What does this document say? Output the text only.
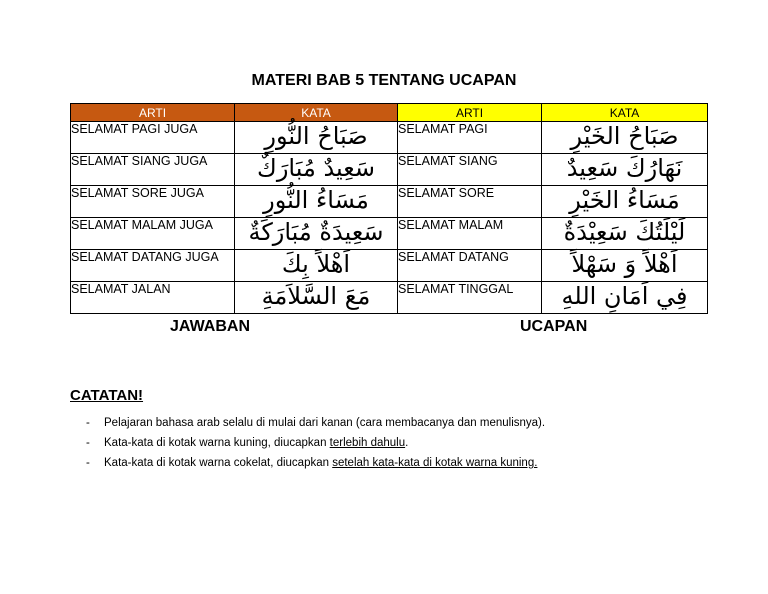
MATERI BAB 5 TENTANG UCAPAN
ARTI	KATA	ARTI	KATA
SELAMAT PAGI JUGA	صَبَاحُ النُّورِ	SELAMAT PAGI	صَبَاحُ الخَيْرِ
SELAMAT SIANG JUGA	سَعِيدٌ مُبَارَكٌ	SELAMAT SIANG	نَهَارُكَ سَعِيدٌ
SELAMAT SORE JUGA	مَسَاءُ النُّورِ	SELAMAT SORE	مَسَاءُ الخَيْرِ
SELAMAT MALAM JUGA	سَعِيدَةٌ مُبَارَكَةٌ	SELAMAT MALAM	لَيْلَتُكَ سَعِيْدَةٌ
SELAMAT DATANG JUGA	اَهْلاً بِكَ	SELAMAT DATANG	اَهْلاً وَ سَهْلاً
SELAMAT JALAN	مَعَ السَّلاَمَةِ	SELAMAT TINGGAL	فِي اَمَانِ اللهِ
JAWABAN	UCAPAN
CATATAN!
- Pelajaran bahasa arab selalu di mulai dari kanan (cara membacanya dan menulisnya).
- Kata-kata di kotak warna kuning, diucapkan terlebih dahulu.
- Kata-kata di kotak warna cokelat, diucapkan setelah kata-kata di kotak warna kuning.
